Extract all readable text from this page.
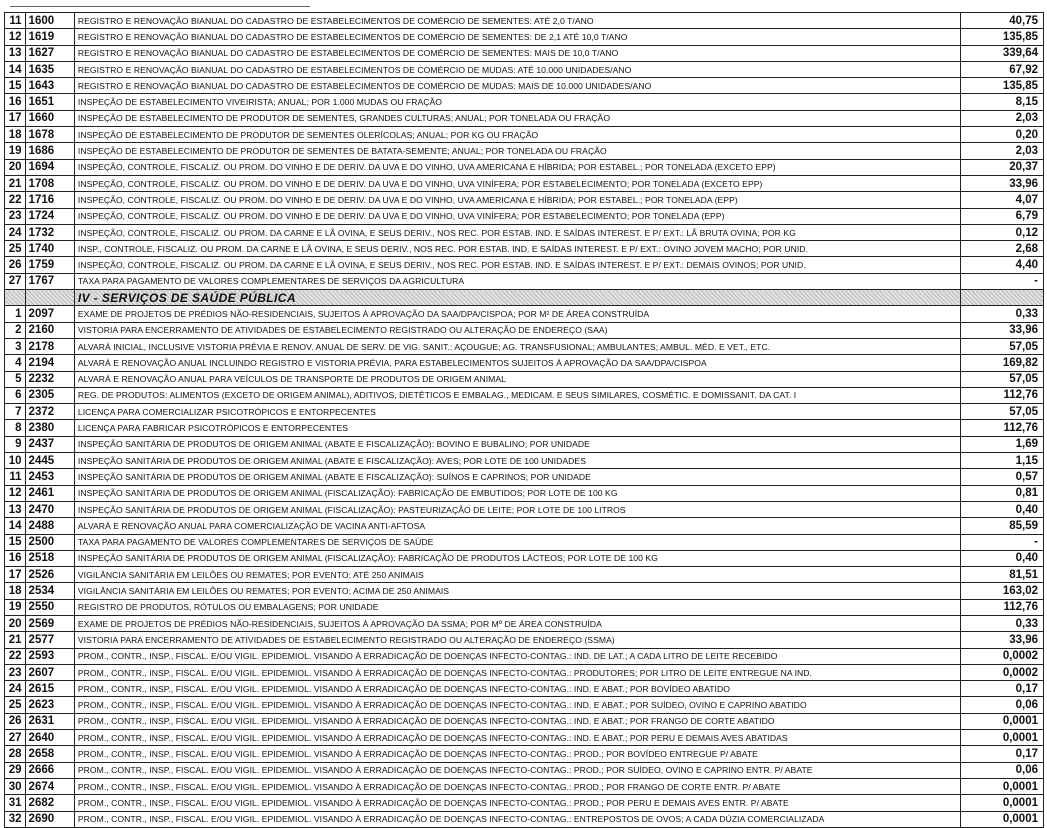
11	1600	REGISTRO E RENOVAÇÃO BIANUAL DO CADASTRO DE ESTABELECIMENTOS DE COMÉRCIO DE SEMENTES: ATÉ 2,0 T/ANO	40,75
12	1619	REGISTRO E RENOVAÇÃO BIANUAL DO CADASTRO DE ESTABELECIMENTOS DE COMÉRCIO DE SEMENTES: DE 2,1 ATÉ 10,0 T/ANO	135,85
13	1627	REGISTRO E RENOVAÇÃO BIANUAL DO CADASTRO DE ESTABELECIMENTOS DE COMÉRCIO DE SEMENTES: MAIS DE 10,0 T/ANO	339,64
14	1635	REGISTRO E RENOVAÇÃO BIANUAL DO CADASTRO DE ESTABELECIMENTOS DE COMÉRCIO DE MUDAS: ATÉ 10.000 UNIDADES/ANO	67,92
15	1643	REGISTRO E RENOVAÇÃO BIANUAL DO CADASTRO DE ESTABELECIMENTOS DE COMÉRCIO DE MUDAS: MAIS DE 10.000 UNIDADES/ANO	135,85
16	1651	INSPEÇÃO DE ESTABELECIMENTO VIVEIRISTA; ANUAL; POR 1.000 MUDAS OU FRAÇÃO	8,15
17	1660	INSPEÇÃO DE ESTABELECIMENTO DE PRODUTOR DE SEMENTES, GRANDES CULTURAS; ANUAL; POR TONELADA OU FRAÇÃO	2,03
18	1678	INSPEÇÃO DE ESTABELECIMENTO DE PRODUTOR DE SEMENTES OLERÍCOLAS; ANUAL; POR KG OU FRAÇÃO	0,20
19	1686	INSPEÇÃO DE ESTABELECIMENTO DE PRODUTOR DE SEMENTES DE BATATA-SEMENTE; ANUAL; POR TONELADA OU FRAÇÃO	2,03
20	1694	INSPEÇÃO, CONTROLE, FISCALIZ. OU PROM. DO VINHO E DE DERIV. DA UVA E DO VINHO, UVA AMERICANA E HÍBRIDA; POR ESTABEL.; POR TONELADA (EXCETO EPP)	20,37
21	1708	INSPEÇÃO, CONTROLE, FISCALIZ. OU PROM. DO VINHO E DE DERIV. DA UVA E DO VINHO, UVA VINÍFERA; POR ESTABELECIMENTO; POR TONELADA (EXCETO EPP)	33,96
22	1716	INSPEÇÃO, CONTROLE, FISCALIZ. OU PROM. DO VINHO E DE DERIV. DA UVA E DO VINHO, UVA AMERICANA E HÍBRIDA; POR ESTABEL.; POR TONELADA (EPP)	4,07
23	1724	INSPEÇÃO, CONTROLE, FISCALIZ. OU PROM. DO VINHO E DE DERIV. DA UVA E DO VINHO, UVA VINÍFERA; POR ESTABELECIMENTO; POR TONELADA (EPP)	6,79
24	1732	INSPEÇÃO, CONTROLE, FISCALIZ. OU PROM. DA CARNE E LÃ OVINA, E SEUS DERIV., NOS REC. POR ESTAB. IND. E SAÍDAS INTEREST. E P/ EXT.: LÃ BRUTA OVINA; POR KG	0,12
25	1740	INSP., CONTROLE, FISCALIZ. OU PROM. DA CARNE E LÃ OVINA, E SEUS DERIV., NOS REC. POR ESTAB. IND. E SAÍDAS INTEREST. E P/ EXT.: OVINO JOVEM MACHO; POR UNID.	2,68
26	1759	INSPEÇÃO, CONTROLE, FISCALIZ. OU PROM. DA CARNE E LÃ OVINA, E SEUS DERIV., NOS REC. POR ESTAB. IND. E SAÍDAS INTEREST. E P/ EXT.: DEMAIS OVINOS; POR UNID.	4,40
27	1767	TAXA PARA PAGAMENTO DE VALORES COMPLEMENTARES DE SERVIÇOS DA AGRICULTURA	-
		IV - SERVIÇOS DE SAÚDE PÚBLICA	
1	2097	EXAME DE PROJETOS DE PRÉDIOS NÃO-RESIDENCIAIS, SUJEITOS À APROVAÇÃO DA SAA/DPA/CISPOA; POR M² DE ÁREA CONSTRUÍDA	0,33
2	2160	VISTORIA PARA ENCERRAMENTO DE ATIVIDADES DE ESTABELECIMENTO REGISTRADO OU ALTERAÇÃO DE ENDEREÇO (SAA)	33,96
3	2178	ALVARÁ INICIAL, INCLUSIVE VISTORIA PRÉVIA E RENOV. ANUAL DE SERV. DE VIG. SANIT.: AÇOUGUE; AG. TRANSFUSIONAL; AMBULANTES; AMBUL. MÉD. E VET., ETC.	57,05
4	2194	ALVARÁ E RENOVAÇÃO ANUAL INCLUINDO REGISTRO E VISTORIA PRÉVIA, PARA ESTABELECIMENTOS SUJEITOS À APROVAÇÃO DA SAA/DPA/CISPOA	169,82
5	2232	ALVARÁ E RENOVAÇÃO ANUAL PARA VEÍCULOS DE TRANSPORTE DE PRODUTOS DE ORIGEM ANIMAL	57,05
6	2305	REG. DE PRODUTOS: ALIMENTOS (EXCETO DE ORIGEM ANIMAL), ADITIVOS, DIETÉTICOS E EMBALAG., MEDICAM. E SEUS SIMILARES, COSMÉTIC. E DOMISSANIT. DA CAT. I	112,76
7	2372	LICENÇA PARA COMERCIALIZAR PSICOTRÓPICOS E ENTORPECENTES	57,05
8	2380	LICENÇA PARA FABRICAR PSICOTRÓPICOS E ENTORPECENTES	112,76
9	2437	INSPEÇÃO SANITÁRIA DE PRODUTOS DE ORIGEM ANIMAL (ABATE E FISCALIZAÇÃO): BOVINO E BUBALINO; POR UNIDADE	1,69
10	2445	INSPEÇÃO SANITÁRIA DE PRODUTOS DE ORIGEM ANIMAL (ABATE E FISCALIZAÇÃO): AVES; POR LOTE DE 100 UNIDADES	1,15
11	2453	INSPEÇÃO SANITÁRIA DE PRODUTOS DE ORIGEM ANIMAL (ABATE E FISCALIZAÇÃO): SUÍNOS E CAPRINOS; POR UNIDADE	0,57
12	2461	INSPEÇÃO SANITÁRIA DE PRODUTOS DE ORIGEM ANIMAL (FISCALIZAÇÃO): FABRICAÇÃO DE EMBUTIDOS; POR LOTE DE 100 KG	0,81
13	2470	INSPEÇÃO SANITÁRIA DE PRODUTOS DE ORIGEM ANIMAL (FISCALIZAÇÃO): PASTEURIZAÇÃO DE LEITE; POR LOTE DE 100 LITROS	0,40
14	2488	ALVARÁ E RENOVAÇÃO ANUAL PARA COMERCIALIZAÇÃO DE VACINA ANTI-AFTOSA	85,59
15	2500	TAXA PARA PAGAMENTO DE VALORES COMPLEMENTARES DE SERVIÇOS DE SAÚDE	-
16	2518	INSPEÇÃO SANITÁRIA DE PRODUTOS DE ORIGEM ANIMAL (FISCALIZAÇÃO): FABRICAÇÃO DE PRODUTOS LÁCTEOS; POR LOTE DE 100 KG	0,40
17	2526	VIGILÂNCIA SANITÁRIA EM LEILÕES OU REMATES; POR EVENTO: ATÉ 250 ANIMAIS	81,51
18	2534	VIGILÂNCIA SANITÁRIA EM LEILÕES OU REMATES; POR EVENTO: ACIMA DE 250 ANIMAIS	163,02
19	2550	REGISTRO DE PRODUTOS, RÓTULOS OU EMBALAGENS; POR UNIDADE	112,76
20	2569	EXAME DE PROJETOS DE PRÉDIOS NÃO-RESIDENCIAIS, SUJEITOS À APROVAÇÃO DA SSMA; POR Mº DE ÁREA CONSTRUÍDA	0,33
21	2577	VISTORIA PARA ENCERRAMENTO DE ATIVIDADES DE ESTABELECIMENTO REGISTRADO OU ALTERAÇÃO DE ENDEREÇO (SSMA)	33,96
22	2593	PROM., CONTR., INSP., FISCAL. E/OU VIGIL. EPIDEMIOL. VISANDO À ERRADICAÇÃO DE DOENÇAS INFECTO-CONTAG.: IND. DE LAT.; A CADA LITRO DE LEITE RECEBIDO	0,0002
23	2607	PROM., CONTR., INSP., FISCAL. E/OU VIGIL. EPIDEMIOL. VISANDO À ERRADICAÇÃO DE DOENÇAS INFECTO-CONTAG.: PRODUTORES; POR LITRO DE LEITE ENTREGUE NA IND.	0,0002
24	2615	PROM., CONTR., INSP., FISCAL. E/OU VIGIL. EPIDEMIOL. VISANDO À ERRADICAÇÃO DE DOENÇAS INFECTO-CONTAG.: IND. E ABAT.; POR BOVÍDEO ABATIDO	0,17
25	2623	PROM., CONTR., INSP., FISCAL. E/OU VIGIL. EPIDEMIOL. VISANDO À ERRADICAÇÃO DE DOENÇAS INFECTO-CONTAG.: IND. E ABAT.; POR SUÍDEO, OVINO E CAPRINO ABATIDO	0,06
26	2631	PROM., CONTR., INSP., FISCAL. E/OU VIGIL. EPIDEMIOL. VISANDO À ERRADICAÇÃO DE DOENÇAS INFECTO-CONTAG.: IND. E ABAT.; POR FRANGO DE CORTE ABATIDO	0,0001
27	2640	PROM., CONTR., INSP., FISCAL. E/OU VIGIL. EPIDEMIOL. VISANDO À ERRADICAÇÃO DE DOENÇAS INFECTO-CONTAG.: IND. E ABAT.; POR PERU E DEMAIS AVES ABATIDAS	0,0001
28	2658	PROM., CONTR., INSP., FISCAL. E/OU VIGIL. EPIDEMIOL. VISANDO À ERRADICAÇÃO DE DOENÇAS INFECTO-CONTAG.: PROD.; POR BOVÍDEO ENTREGUE P/ ABATE	0,17
29	2666	PROM., CONTR., INSP., FISCAL. E/OU VIGIL. EPIDEMIOL. VISANDO À ERRADICAÇÃO DE DOENÇAS INFECTO-CONTAG.: PROD.; POR SUÍDEO, OVINO E CAPRINO ENTR. P/ ABATE	0,06
30	2674	PROM., CONTR., INSP., FISCAL. E/OU VIGIL. EPIDEMIOL. VISANDO À ERRADICAÇÃO DE DOENÇAS INFECTO-CONTAG.: PROD.; POR FRANGO DE CORTE ENTR. P/ ABATE	0,0001
31	2682	PROM., CONTR., INSP., FISCAL. E/OU VIGIL. EPIDEMIOL. VISANDO À ERRADICAÇÃO DE DOENÇAS INFECTO-CONTAG.: PROD.; POR PERU E DEMAIS AVES ENTR. P/ ABATE	0,0001
32	2690	PROM., CONTR., INSP., FISCAL. E/OU VIGIL. EPIDEMIOL. VISANDO À ERRADICAÇÃO DE DOENÇAS INFECTO-CONTAG.: ENTREPOSTOS DE OVOS; A CADA DÚZIA COMERCIALIZADA	0,0001
